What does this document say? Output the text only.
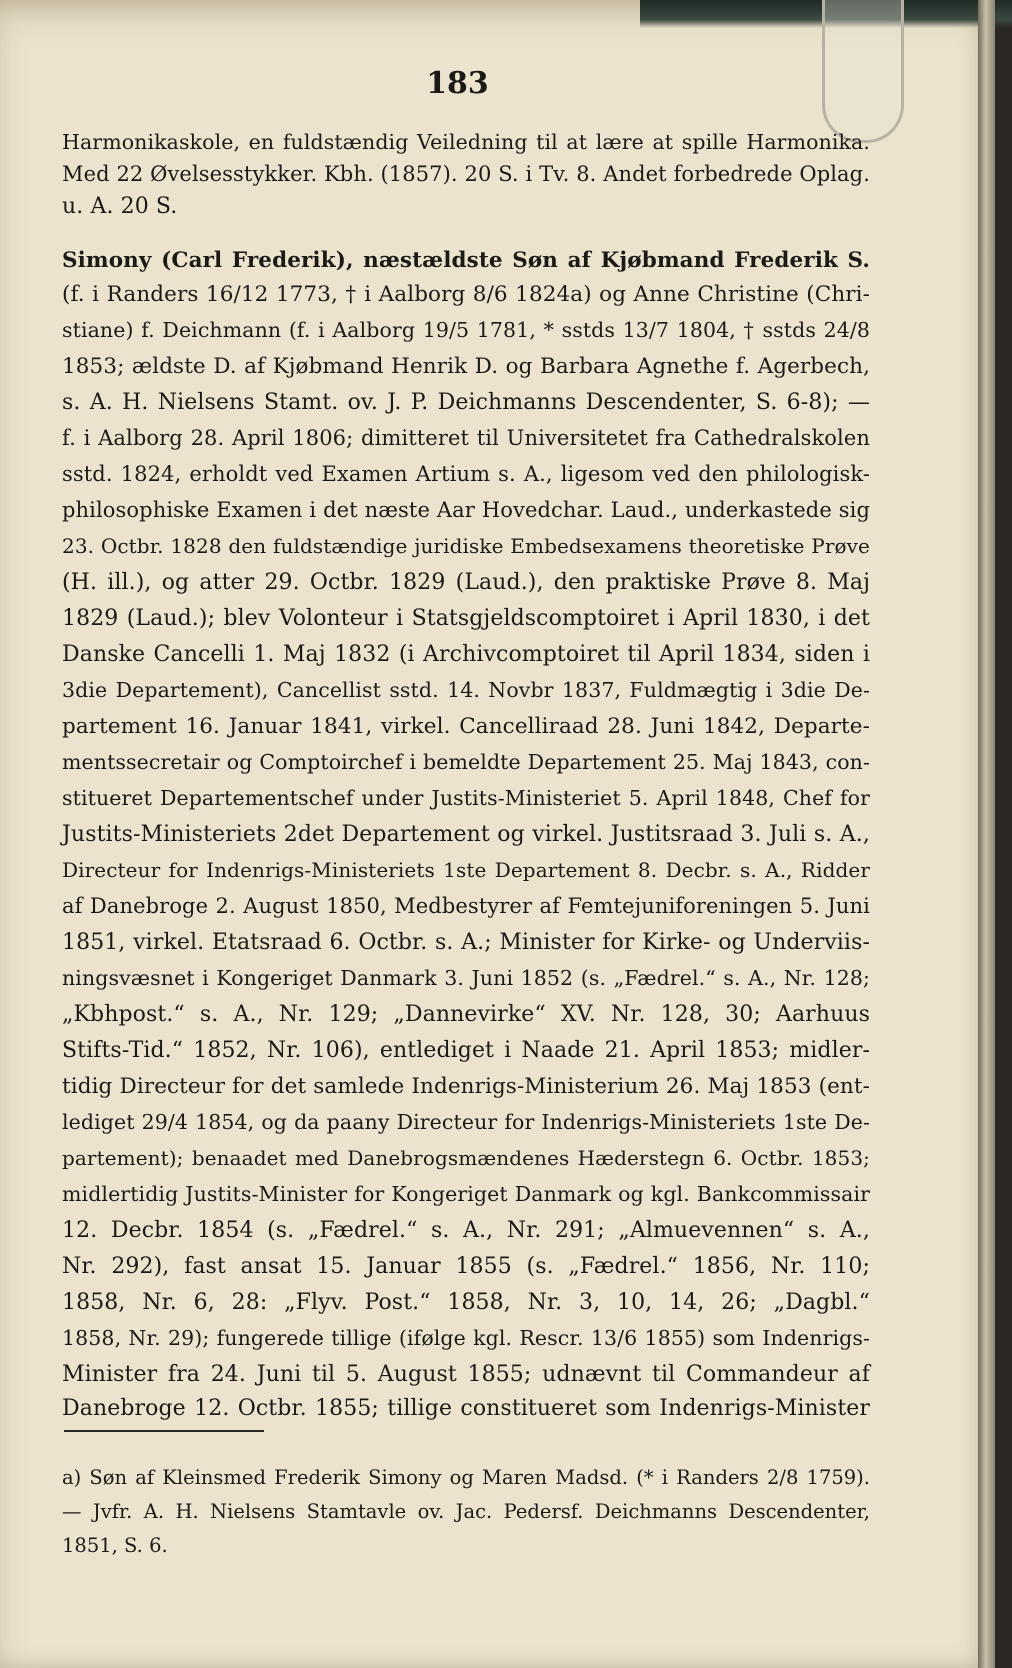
183
Harmonikaskole, en fuldstændig Veiledning til at lære at spille Harmonika.
Med 22 Øvelsesstykker. Kbh. (1857). 20 S. i Tv. 8. Andet forbedrede Oplag.
u. A. 20 S.
Simony (Carl Frederik), næstældste Søn af Kjøbmand Frederik S.
(f. i Randers 16/12 1773, † i Aalborg 8/6 1824a) og Anne Christine (Chri-
stiane) f. Deichmann (f. i Aalborg 19/5 1781, * sstds 13/7 1804, † sstds 24/8
1853; ældste D. af Kjøbmand Henrik D. og Barbara Agnethe f. Agerbech,
s. A. H. Nielsens Stamt. ov. J. P. Deichmanns Descendenter, S. 6-8); —
f. i Aalborg 28. April 1806; dimitteret til Universitetet fra Cathedralskolen
sstd. 1824, erholdt ved Examen Artium s. A., ligesom ved den philologisk-
philosophiske Examen i det næste Aar Hovedchar. Laud., underkastede sig
23. Octbr. 1828 den fuldstændige juridiske Embedsexamens theoretiske Prøve
(H. ill.), og atter 29. Octbr. 1829 (Laud.), den praktiske Prøve 8. Maj
1829 (Laud.); blev Volonteur i Statsgjeldscomptoiret i April 1830, i det
Danske Cancelli 1. Maj 1832 (i Archivcomptoiret til April 1834, siden i
3die Departement), Cancellist sstd. 14. Novbr 1837, Fuldmægtig i 3die De-
partement 16. Januar 1841, virkel. Cancelliraad 28. Juni 1842, Departe-
mentssecretair og Comptoirchef i bemeldte Departement 25. Maj 1843, con-
stitueret Departementschef under Justits-Ministeriet 5. April 1848, Chef for
Justits-Ministeriets 2det Departement og virkel. Justitsraad 3. Juli s. A.,
Directeur for Indenrigs-Ministeriets 1ste Departement 8. Decbr. s. A., Ridder
af Danebroge 2. August 1850, Medbestyrer af Femtejuniforeningen 5. Juni
1851, virkel. Etatsraad 6. Octbr. s. A.; Minister for Kirke- og Underviis-
ningsvæsnet i Kongeriget Danmark 3. Juni 1852 (s. „Fædrel.“ s. A., Nr. 128;
„Kbhpost.“ s. A., Nr. 129; „Dannevirke“ XV. Nr. 128, 30; Aarhuus
Stifts-Tid.“ 1852, Nr. 106), entlediget i Naade 21. April 1853; midler-
tidig Directeur for det samlede Indenrigs-Ministerium 26. Maj 1853 (ent-
lediget 29/4 1854, og da paany Directeur for Indenrigs-Ministeriets 1ste De-
partement); benaadet med Danebrogsmændenes Hæderstegn 6. Octbr. 1853;
midlertidig Justits-Minister for Kongeriget Danmark og kgl. Bankcommissair
12. Decbr. 1854 (s. „Fædrel.“ s. A., Nr. 291; „Almuevennen“ s. A.,
Nr. 292), fast ansat 15. Januar 1855 (s. „Fædrel.“ 1856, Nr. 110;
1858, Nr. 6, 28: „Flyv. Post.“ 1858, Nr. 3, 10, 14, 26; „Dagbl.“
1858, Nr. 29); fungerede tillige (ifølge kgl. Rescr. 13/6 1855) som Indenrigs-
Minister fra 24. Juni til 5. August 1855; udnævnt til Commandeur af
Danebroge 12. Octbr. 1855; tillige constitueret som Indenrigs-Minister
a) Søn af Kleinsmed Frederik Simony og Maren Madsd. (* i Randers 2/8 1759).
— Jvfr. A. H. Nielsens Stamtavle ov. Jac. Pedersf. Deichmanns Descendenter,
1851, S. 6.
